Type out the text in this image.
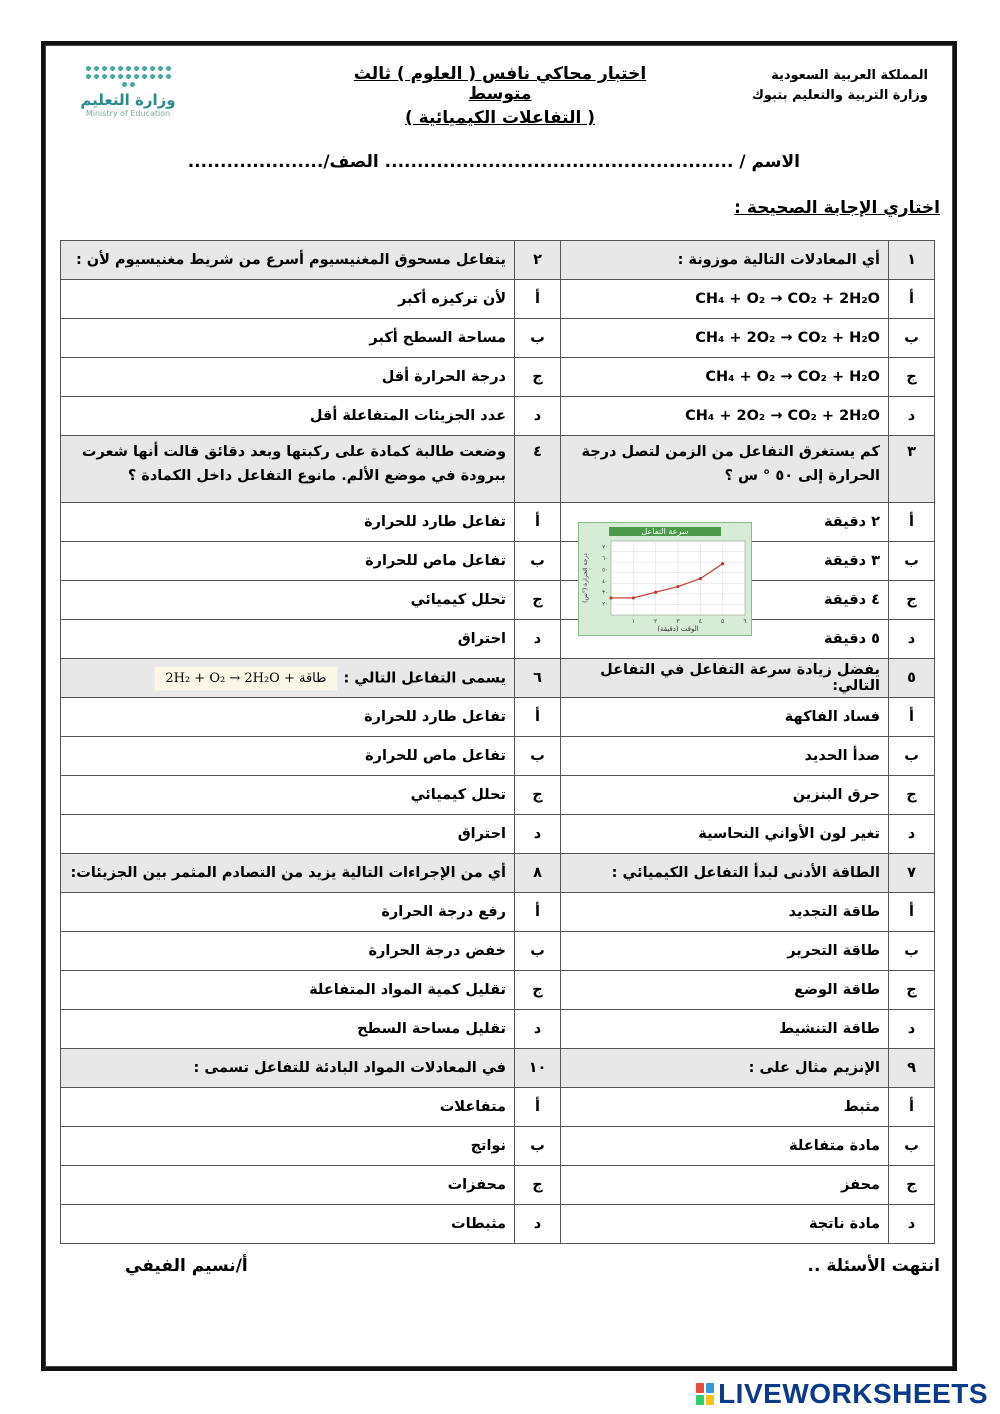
المملكة العربية السعودية
وزارة التربية والتعليم بتبوك
وزارة التعليم
Ministry of Education
اختبار محاكي نافس ( العلوم ) ثالث متوسط
( التفاعلات الكيميائية )
الاسم / ...................................................... الصف/.....................
اختاري الإجابة الصحيحة :
١	أي المعادلات التالية موزونة :	٢	يتفاعل مسحوق المغنيسيوم أسرع من شريط مغنيسيوم لأن :
أ	CH₄ + O₂ → CO₂ + 2H₂O	أ	لأن تركيزه أكبر
ب	CH₄ + 2O₂ → CO₂ + H₂O	ب	مساحة السطح أكبر
ج	CH₄ + O₂ → CO₂ + H₂O	ج	درجة الحرارة أقل
د	CH₄ + 2O₂ → CO₂ + 2H₂O	د	عدد الجزيئات المتفاعلة أقل
٣	كم يستغرق التفاعل من الزمن لتصل درجة الحرارة إلى ٥٠ ° س ؟	٤	وضعت طالبة كمادة على ركبتها وبعد دقائق قالت أنها شعرت ببرودة في موضع الألم. مانوع التفاعل داخل الكمادة ؟
أ	٢ دقيقة	أ	تفاعل طارد للحرارة
ب	٣ دقيقة	ب	تفاعل ماص للحرارة
ج	٤ دقيقة	ج	تحلل كيميائي
د	٥ دقيقة	د	احتراق
٥	يفضل زيادة سرعة التفاعل في التفاعل التالي:	٦	يسمى التفاعل التالي :2H₂ + O₂ → 2H₂O + طاقة
أ	فساد الفاكهة	أ	تفاعل طارد للحرارة
ب	صدأ الحديد	ب	تفاعل ماص للحرارة
ج	حرق البنزين	ج	تحلل كيميائي
د	تغير لون الأواني النحاسية	د	احتراق
٧	الطاقة الأدنى لبدأ التفاعل الكيميائي :	٨	أي من الإجراءات التالية يزيد من التصادم المثمر بين الجزيئات:
أ	طاقة التجديد	أ	رفع درجة الحرارة
ب	طاقة التحرير	ب	خفض درجة الحرارة
ج	طاقة الوضع	ج	تقليل كمية المواد المتفاعلة
د	طاقة التنشيط	د	تقليل مساحة السطح
٩	الإنزيم مثال على :	١٠	في المعادلات المواد البادئة للتفاعل تسمى :
أ	مثبط	أ	متفاعلات
ب	مادة متفاعلة	ب	نواتج
ج	محفز	ج	محفزات
د	مادة ناتجة	د	مثبطات
١	٢	٣	٤	٥	٦
٢٠
٣٠
٤٠
٥٠
٦٠
٧٠
الوقت (دقيقة)
درجة الحرارة (°س)
سرعة التفاعل
انتهت الأسئلة ..
أ/نسيم الفيفي
LIVEWORKSHEETS
